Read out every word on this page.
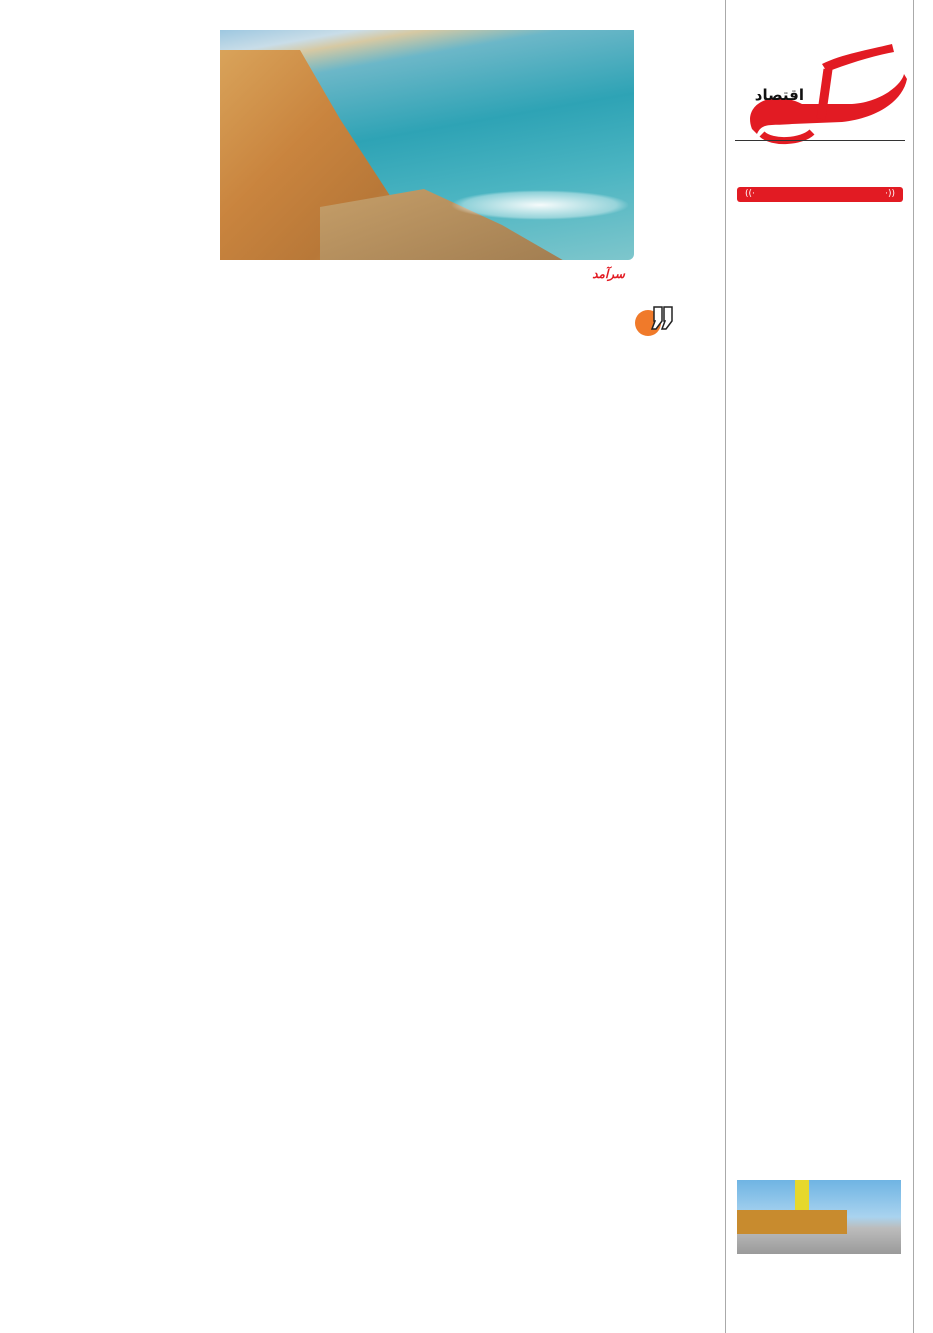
اقتصاد
((·
·))

سرآمد
